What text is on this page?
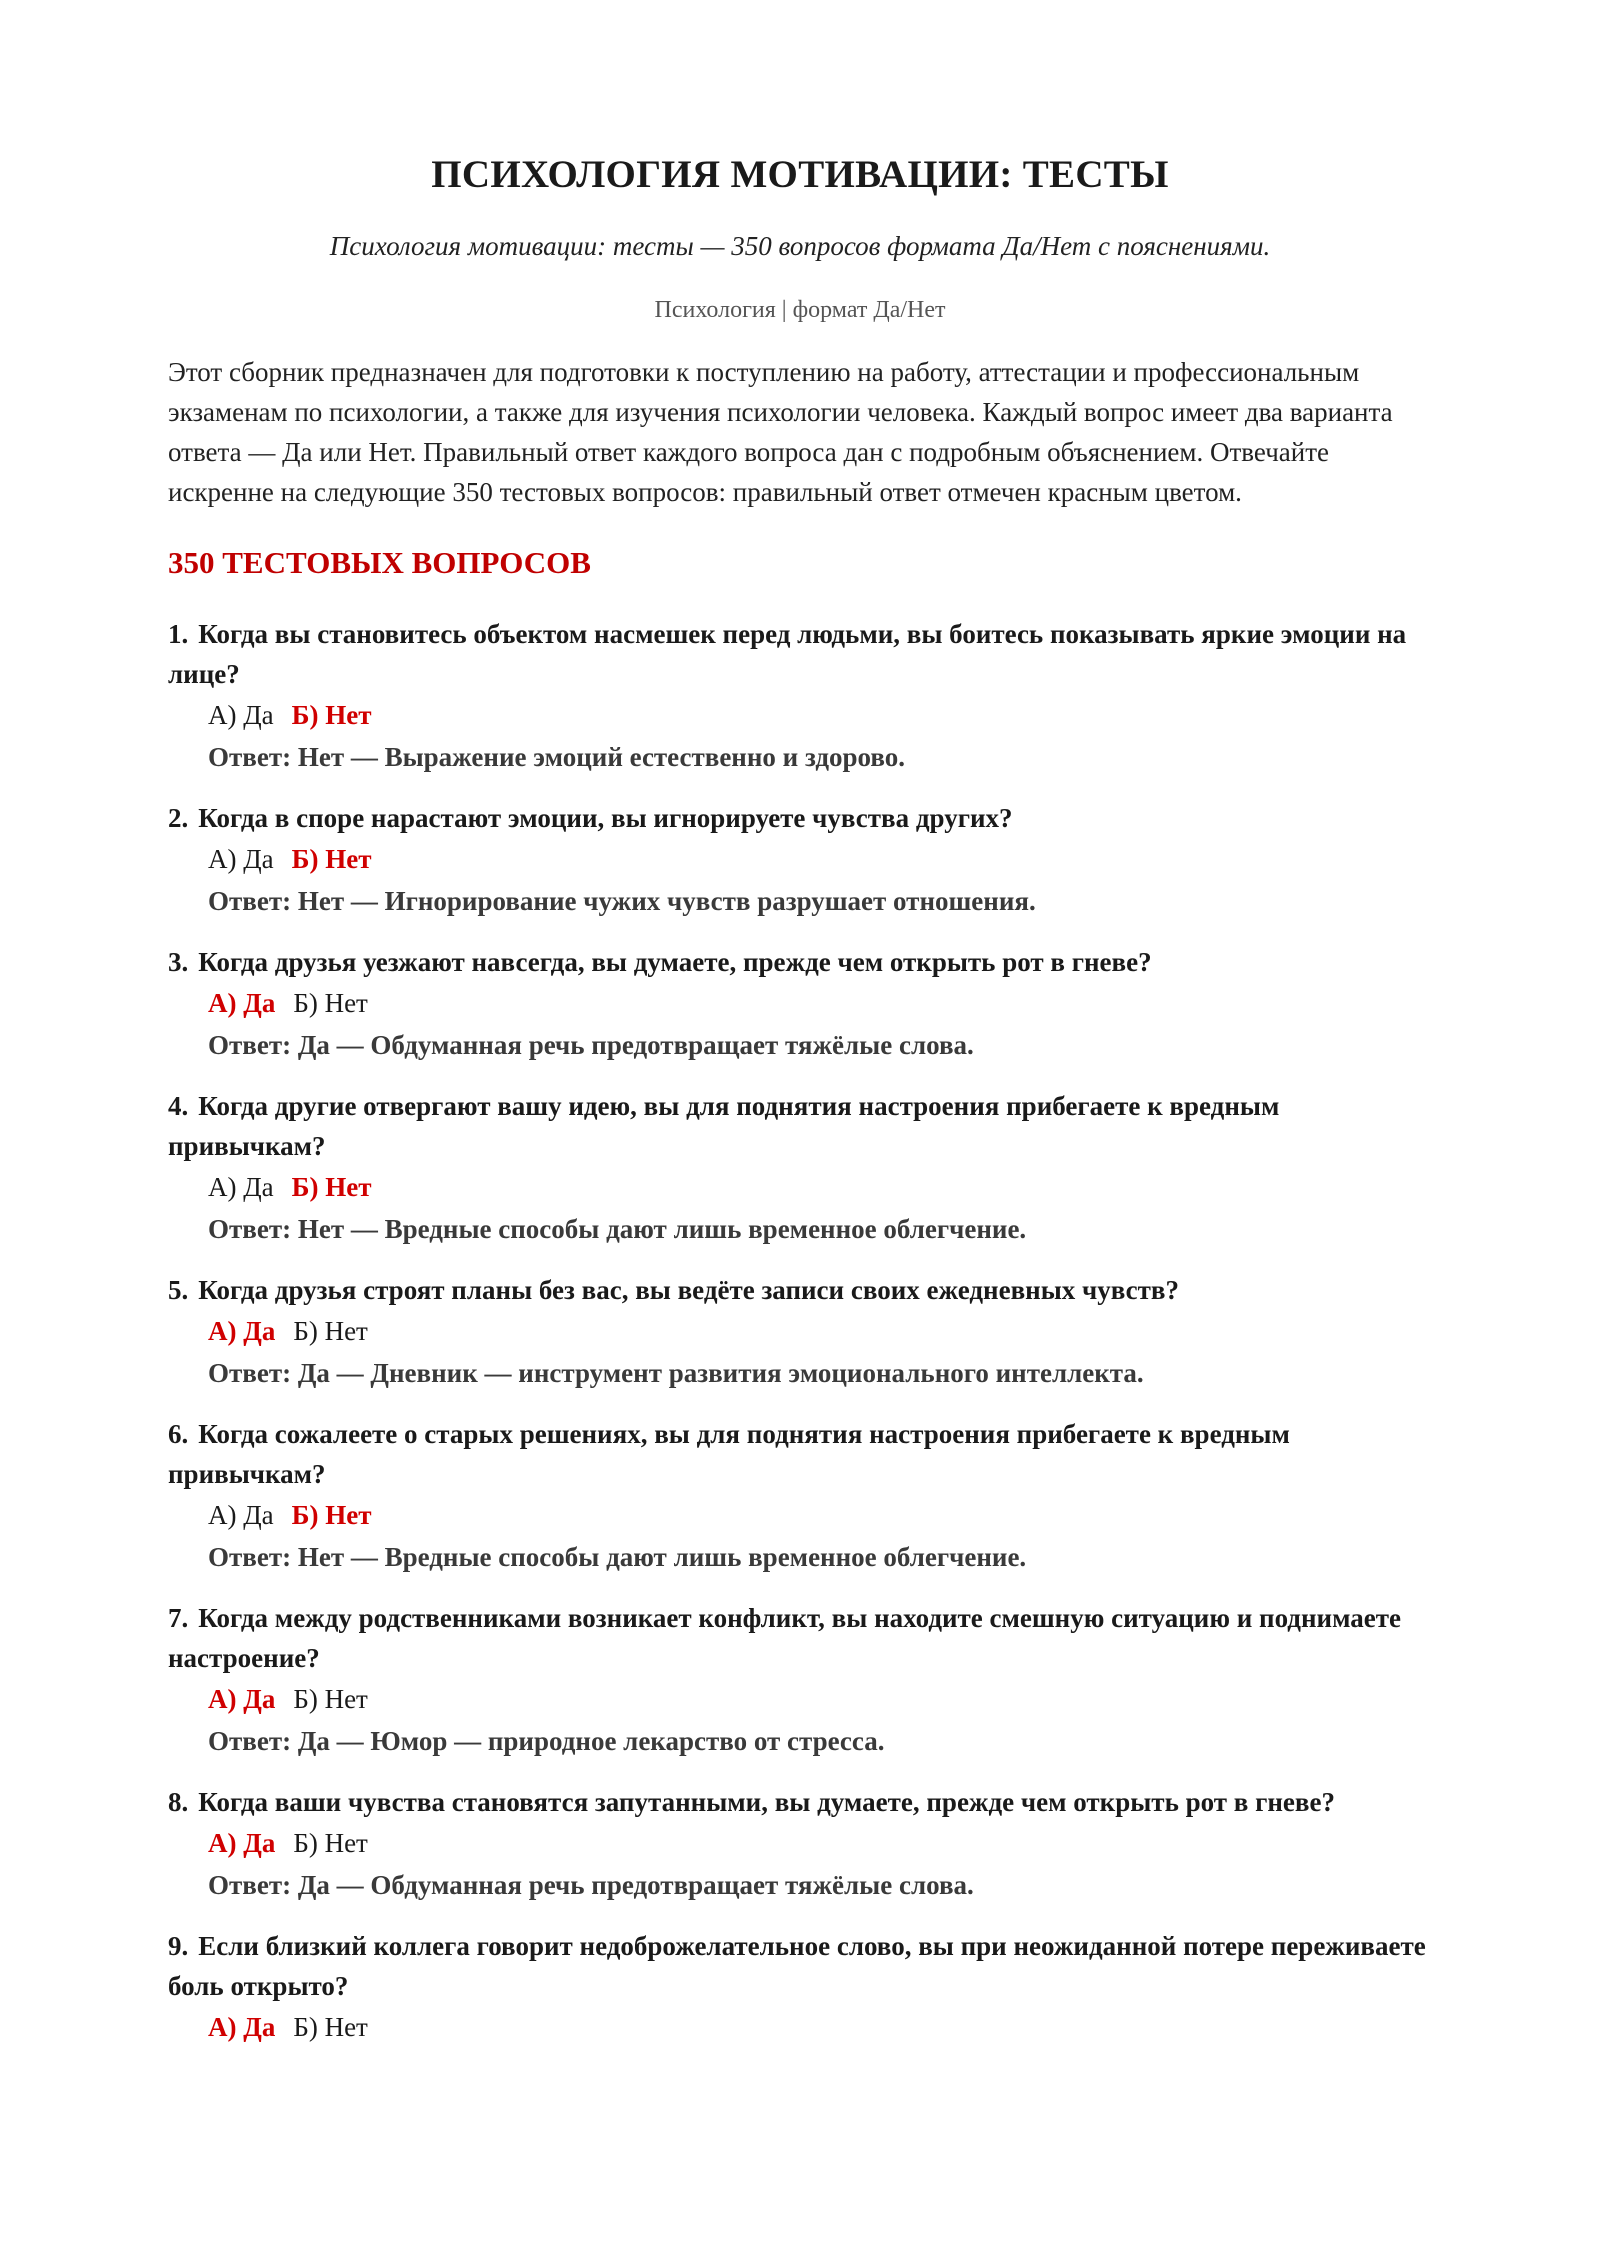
ПСИХОЛОГИЯ МОТИВАЦИИ: ТЕСТЫ
Психология мотивации: тесты — 350 вопросов формата Да/Нет с пояснениями.
Психология | формат Да/Нет

Этот сборник предназначен для подготовки к поступлению на работу, аттестации и профессиональным экзаменам по психологии, а также для изучения психологии человека. Каждый вопрос имеет два варианта ответа — Да или Нет. Правильный ответ каждого вопроса дан с подробным объяснением. Отвечайте искренне на следующие 350 тестовых вопросов: правильный ответ отмечен красным цветом.

350 ТЕСТОВЫХ ВОПРОСОВ
1. Когда вы становитесь объектом насмешек перед людьми, вы боитесь показывать яркие эмоции на лице?
А) Да Б) Нет
Ответ: Нет — Выражение эмоций естественно и здорово.
2. Когда в споре нарастают эмоции, вы игнорируете чувства других?
А) Да Б) Нет
Ответ: Нет — Игнорирование чужих чувств разрушает отношения.
3. Когда друзья уезжают навсегда, вы думаете, прежде чем открыть рот в гневе?
А) Да Б) Нет
Ответ: Да — Обдуманная речь предотвращает тяжёлые слова.
4. Когда другие отвергают вашу идею, вы для поднятия настроения прибегаете к вредным привычкам?
А) Да Б) Нет
Ответ: Нет — Вредные способы дают лишь временное облегчение.
5. Когда друзья строят планы без вас, вы ведёте записи своих ежедневных чувств?
А) Да Б) Нет
Ответ: Да — Дневник — инструмент развития эмоционального интеллекта.
6. Когда сожалеете о старых решениях, вы для поднятия настроения прибегаете к вредным привычкам?
А) Да Б) Нет
Ответ: Нет — Вредные способы дают лишь временное облегчение.
7. Когда между родственниками возникает конфликт, вы находите смешную ситуацию и поднимаете настроение?
А) Да Б) Нет
Ответ: Да — Юмор — природное лекарство от стресса.
8. Когда ваши чувства становятся запутанными, вы думаете, прежде чем открыть рот в гневе?
А) Да Б) Нет
Ответ: Да — Обдуманная речь предотвращает тяжёлые слова.
9. Если близкий коллега говорит недоброжелательное слово, вы при неожиданной потере переживаете боль открыто?
А) Да Б) Нет
